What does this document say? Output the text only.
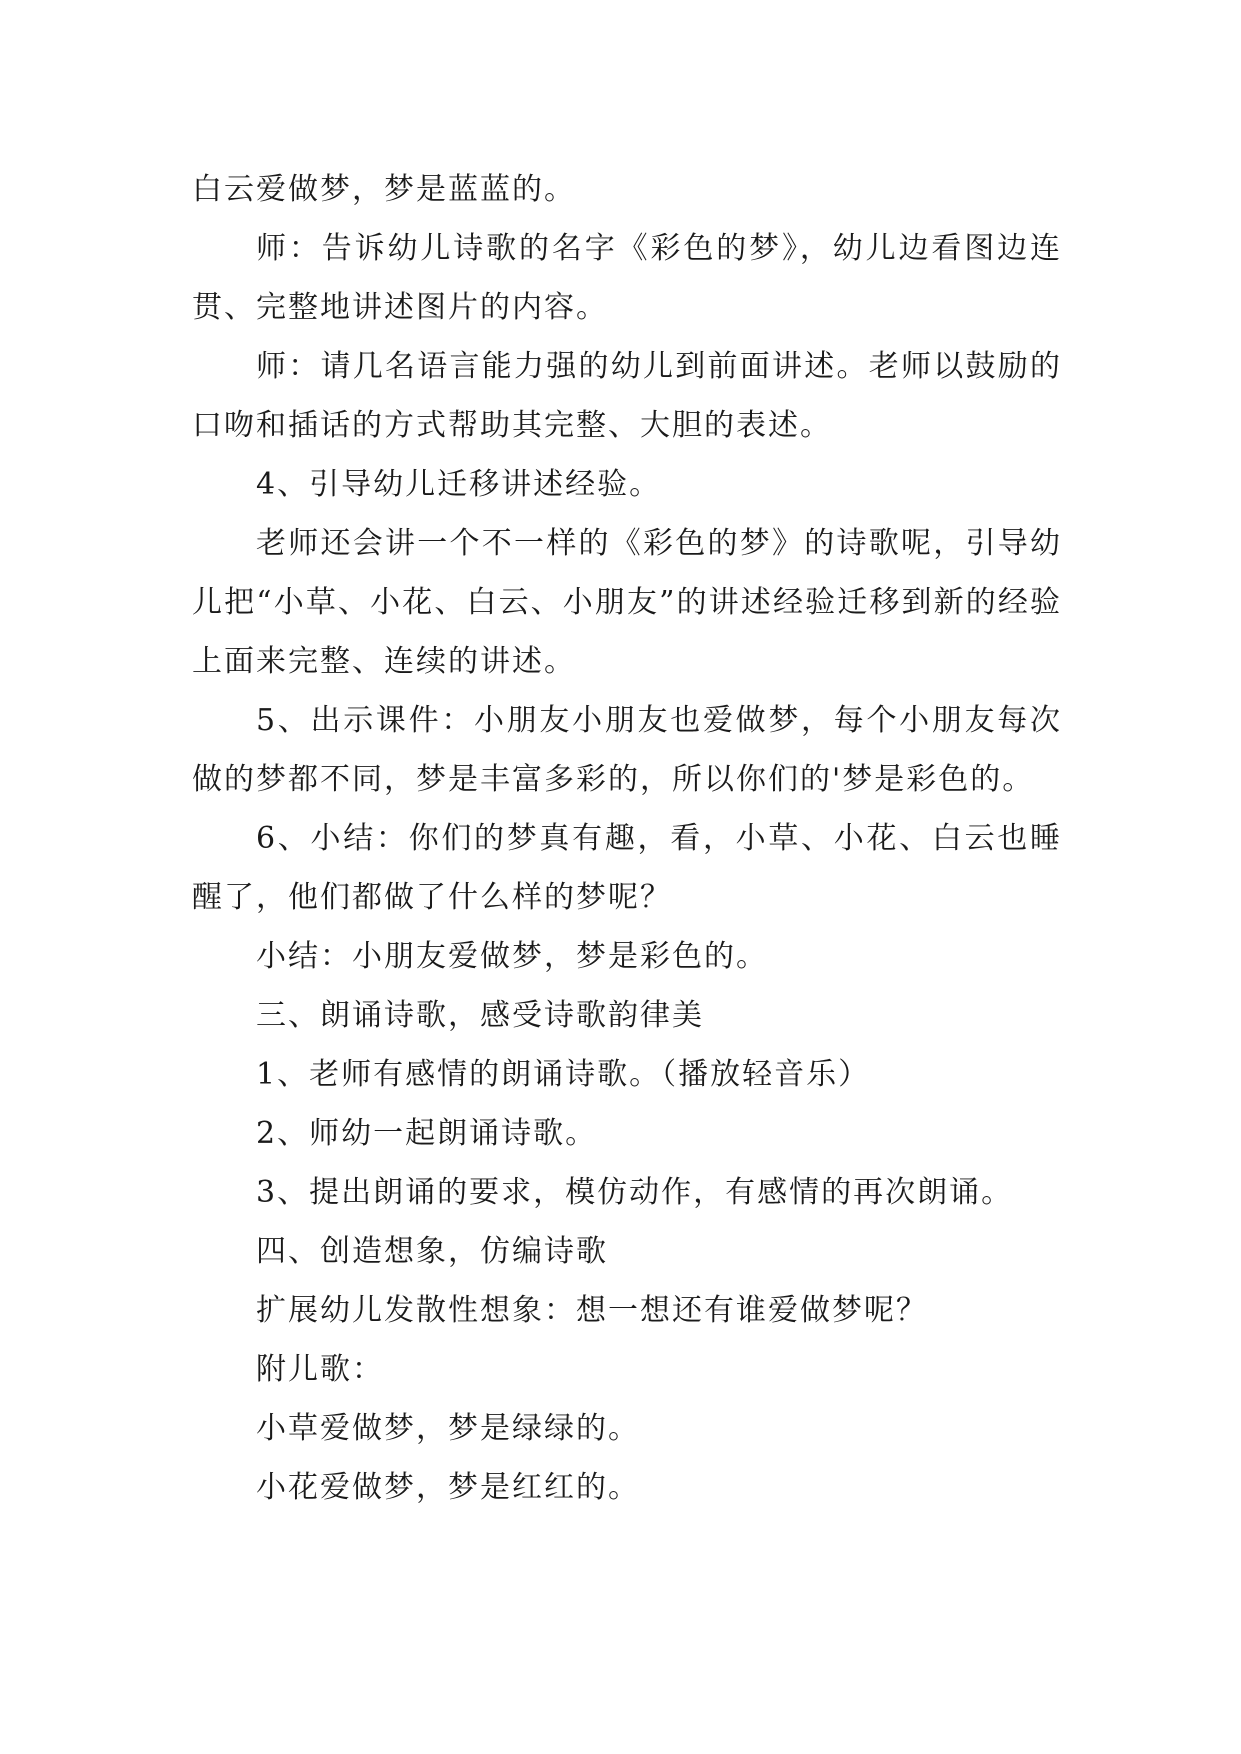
白云爱做梦，梦是蓝蓝的。

师：告诉幼儿诗歌的名字《彩色的梦》，幼儿边看图边连贯、完整地讲述图片的内容。

师：请几名语言能力强的幼儿到前面讲述。老师以鼓励的口吻和插话的方式帮助其完整、大胆的表述。

4、引导幼儿迁移讲述经验。

老师还会讲一个不一样的《彩色的梦》的诗歌呢，引导幼儿把“小草、小花、白云、小朋友”的讲述经验迁移到新的经验上面来完整、连续的讲述。

5、出示课件：小朋友小朋友也爱做梦，每个小朋友每次做的梦都不同，梦是丰富多彩的，所以你们的'梦是彩色的。

6、小结：你们的梦真有趣，看，小草、小花、白云也睡醒了，他们都做了什么样的梦呢？

小结：小朋友爱做梦，梦是彩色的。

三、朗诵诗歌，感受诗歌韵律美

1、老师有感情的朗诵诗歌。（播放轻音乐）

2、师幼一起朗诵诗歌。

3、提出朗诵的要求，模仿动作，有感情的再次朗诵。

四、创造想象，仿编诗歌

扩展幼儿发散性想象：想一想还有谁爱做梦呢？

附儿歌：

小草爱做梦，梦是绿绿的。

小花爱做梦，梦是红红的。
